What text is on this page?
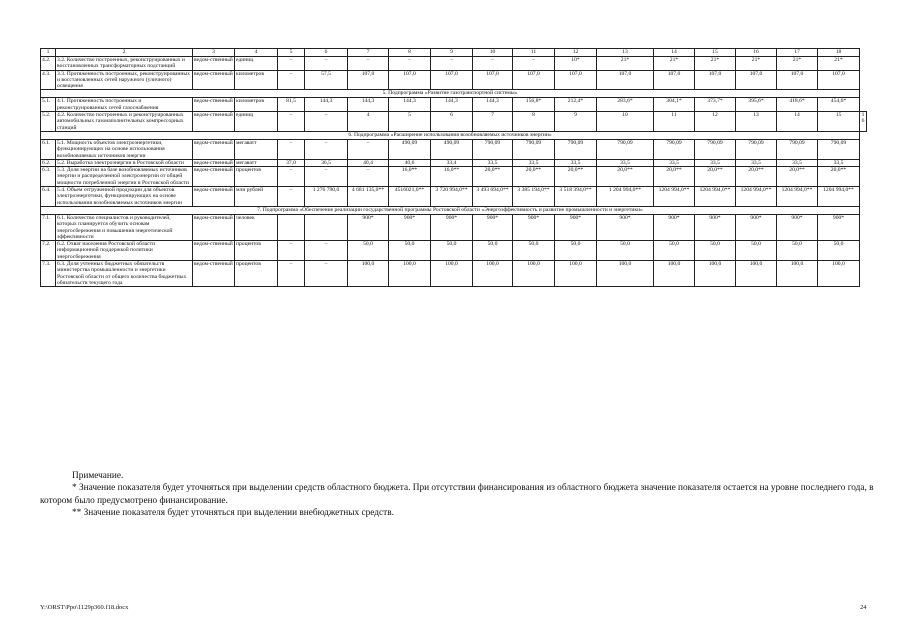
1	2	3	4	5	6	7	8	9	10	11	12	13	14	15	16	17	18	
4.2.	3.2. Количество построенных, реконструированных и восстановленных трансформаторных подстанций	ведом-ственный	единиц	–	–	–	–	–	–	–	10*	21*	21*	21*	21*	21*	21*	
4.3.	3.3. Протяженность построенных, реконструированных и восстановленных сетей наружного (уличного) освещения	ведом-ственный	километров	–	57,5	107,0	107,0	107,0	107,0	107,0	107,0	107,0	107,0	107,0	107,0	107,0	107,0	
5. Подпрограмма «Развитие газотранспортной системы»																		
5.1.	4.1. Протяженность построенных и реконструированных сетей газоснабжения	ведом-ственный	километров	81,5	144,3	144,3	144,3	144,3	144,3	156,8*	212,4*	283,6*	304,1*	373,7*	395,6*	418,6*	454,6*	
5.2.	4.2. Количество построенных и реконструированных автомобильных газонаполнительных компрессорных станций	ведом-ственный	единиц	–	–	4	5	6	7	8	9	10	11	12	13	14	15	16
6. Подпрограмма «Расширение использования возобновляемых источников энергии»																		
6.1.	5.1. Мощность объектов электроэнергетики, функционирующих на основе использования возобновляемых источников энергии	ведом-ственный	мегаватт	–	–	–	490,09	490,09	790,09	790,09	790,09	790,09	790,09	790,09	790,09	790,09	790,09	
6.2.	5.2. Выработка электроэнергии в Ростовской области	ведом-ственный	мегаватт	37,0	36,5	40,4	40,6	33,4	33,5	33,5	33,5	33,5	33,5	33,5	33,5	33,5	33,5	
6.3.	5.3. Доля энергии на базе возобновляемых источников энергии и распределенной электроэнергии от общей мощности потребленной энергии в Ростовской области	ведом-ственный	процентов	–	–	–	16,0**	16,0**	20,0**	20,0**	20,0**	20,0**	20,0**	20,0**	20,0**	20,0**	20,0**	
6.4.	5.4. Объем отгруженной продукции для объектов электроэнергетики, функционирующих на основе использования возобновляемых источников энергии	ведом-ственный	млн рублей	–	1 276 790,0	4 681 135,0**	4516021,0**	3 720 994,0**	3 493 694,0**	3 385 194,0**	3 518 394,0**	1 204 994,0**	1204 994,0**	1204 994,0**	1204 994,0**	1204 994,0**	1204 994,0**	
7. Подпрограмма «Обеспечение реализации государственной программы Ростовской области «Энергоэффективность и развитие промышленности и энергетики»																		
7.1.	6.1. Количество специалистов и руководителей, которых планируется обучить основам энергосбережения и повышения энергетической эффективности	ведом-ственный	человек			900*	900*	900*	900*	900*	900*	900*	900*	900*	900*	900*	900*	
7.2.	6.2. Охват населения Ростовской области информационной поддержкой политики энергосбережения	ведом-ственный	процентов	–	–	50,0	50,0	50,0	50,0	50,0	50,0	50,0	50,0	50,0	50,0	50,0	50,0	
7.3.	6.3. Доля учтенных бюджетных обязательств министерства промышленности и энергетики Ростовской области от общего количества бюджетных обязательств текущего года	ведом-ственный	процентов	–	–	100,0	100,0	100,0	100,0	100,0	100,0	100,0	100,0	100,0	100,0	100,0	100,0	

Примечание.

* Значение показателя будет уточняться при выделении средств областного бюджета. При отсутствии финансирования из областного бюджета значение показателя остается на уровне последнего года, в котором было предусмотрено финансирование.

** Значение показателя будет уточняться при выделении внебюджетных средств.

Y:\ORST\Ppo\1129p360.f18.docx	24
